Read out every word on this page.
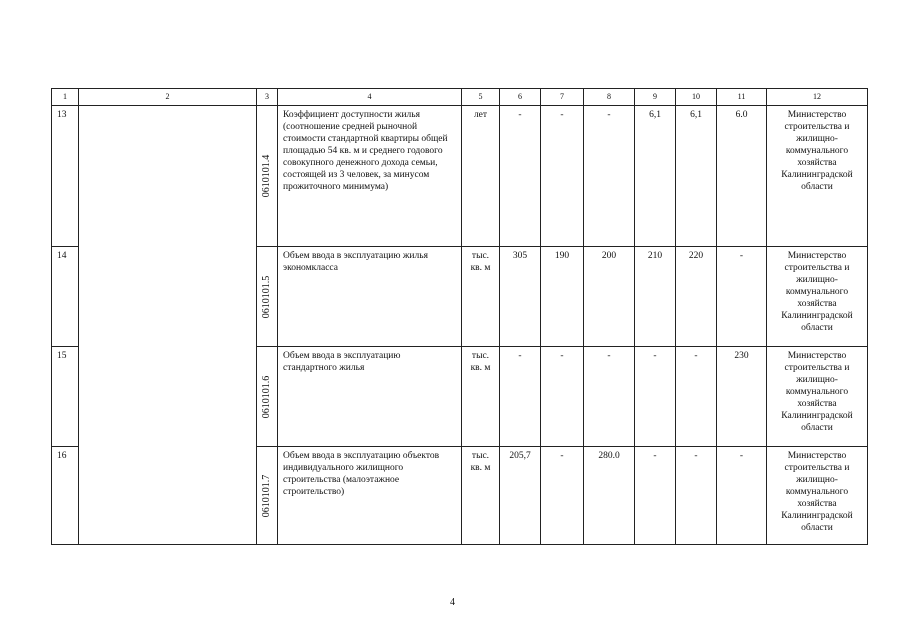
1	2	3	4	5	6	7	8	9	10	11	12
13		0610101.4	Коэффициент доступности жилья (соотношение средней рыночной стоимости стандартной квартиры общей площадью 54 кв. м и среднего годового совокупного денежного дохода семьи, состоящей из 3 человек, за минусом прожиточного минимума)	лет	-	-	-	6,1	6,1	6.0	Министерство строительства и жилищно-коммунального хозяйства Калининградской области
14		0610101.5	Объем ввода в эксплуатацию жилья экономкласса	тыс. кв. м	305	190	200	210	220	-	Министерство строительства и жилищно-коммунального хозяйства Калининградской области
15		0610101.6	Объем ввода в эксплуатацию стандартного жилья	тыс. кв. м	-	-	-	-	-	230	Министерство строительства и жилищно-коммунального хозяйства Калининградской области
16		0610101.7	Объем ввода в эксплуатацию объектов индивидуального жилищного строительства (малоэтажное строительство)	тыс. кв. м	205,7	-	280.0	-	-	-	Министерство строительства и жилищно-коммунального хозяйства Калининградской области
4
